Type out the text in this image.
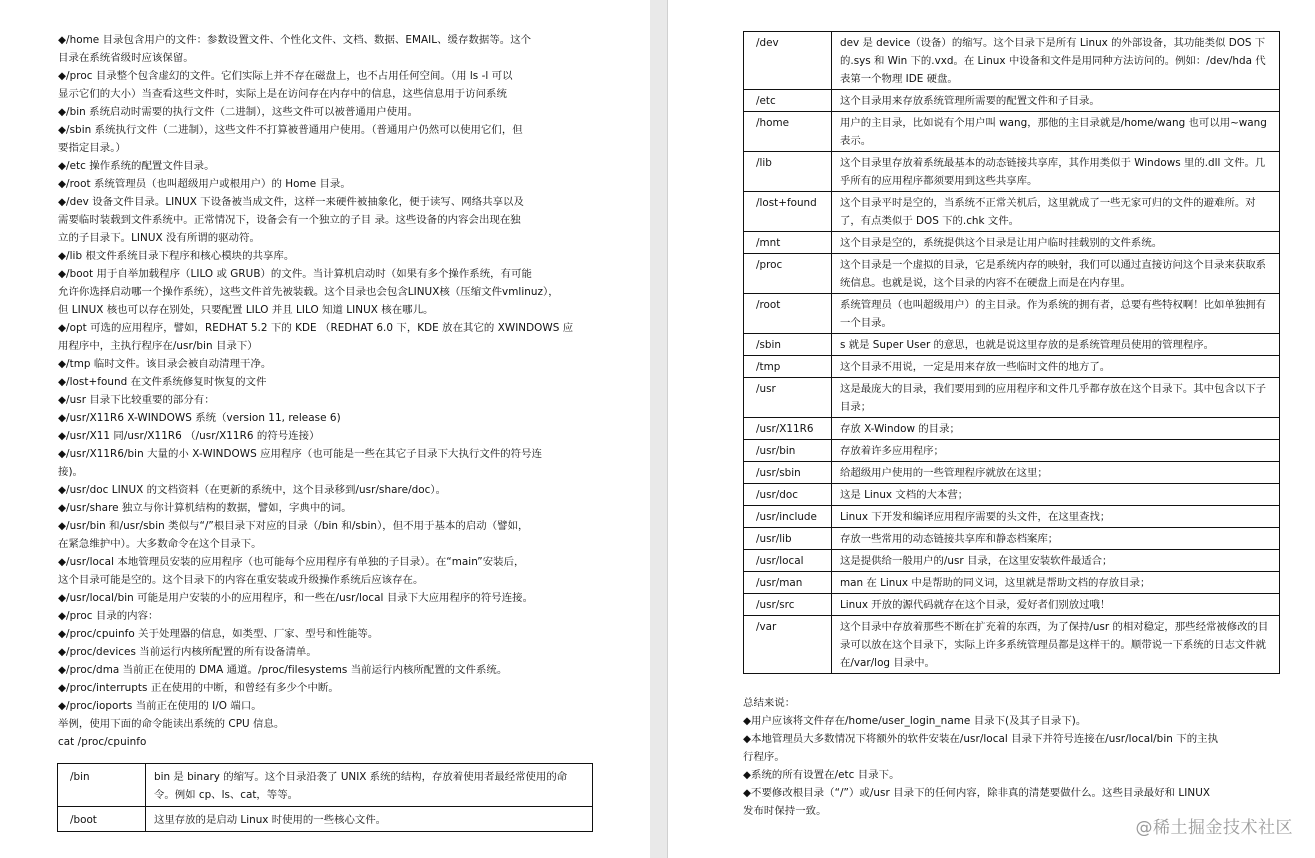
◆/home 目录包含用户的文件：参数设置文件、个性化文件、文档、数据、EMAIL、缓存数据等。这个
目录在系统省级时应该保留。
◆/proc 目录整个包含虚幻的文件。它们实际上并不存在磁盘上，也不占用任何空间。（用 ls -l 可以
显示它们的大小）当查看这些文件时，实际上是在访问存在内存中的信息，这些信息用于访问系统
◆/bin 系统启动时需要的执行文件（二进制），这些文件可以被普通用户使用。
◆/sbin 系统执行文件（二进制），这些文件不打算被普通用户使用。（普通用户仍然可以使用它们，但
要指定目录。）
◆/etc 操作系统的配置文件目录。
◆/root 系统管理员（也叫超级用户或根用户）的 Home 目录。
◆/dev 设备文件目录。LINUX 下设备被当成文件，这样一来硬件被抽象化，便于读写、网络共享以及
需要临时装载到文件系统中。正常情况下，设备会有一个独立的子目 录。这些设备的内容会出现在独
立的子目录下。LINUX 没有所谓的驱动符。
◆/lib 根文件系统目录下程序和核心模块的共享库。
◆/boot 用于自举加载程序（LILO 或 GRUB）的文件。当计算机启动时（如果有多个操作系统，有可能
允许你选择启动哪一个操作系统），这些文件首先被装载。这个目录也会包含LINUX核（压缩文件vmlinuz），
但 LINUX 核也可以存在别处，只要配置 LILO 并且 LILO 知道 LINUX 核在哪儿。
◆/opt 可选的应用程序，譬如，REDHAT 5.2 下的 KDE （REDHAT 6.0 下，KDE 放在其它的 XWINDOWS 应
用程序中，主执行程序在/usr/bin 目录下）
◆/tmp 临时文件。该目录会被自动清理干净。
◆/lost+found 在文件系统修复时恢复的文件
◆/usr 目录下比较重要的部分有：
◆/usr/X11R6 X-WINDOWS 系统（version 11, release 6)
◆/usr/X11 同/usr/X11R6 （/usr/X11R6 的符号连接）
◆/usr/X11R6/bin 大量的小 X-WINDOWS 应用程序（也可能是一些在其它子目录下大执行文件的符号连
接)。
◆/usr/doc LINUX 的文档资料（在更新的系统中，这个目录移到/usr/share/doc）。
◆/usr/share 独立与你计算机结构的数据，譬如，字典中的词。
◆/usr/bin 和/usr/sbin 类似与“/”根目录下对应的目录（/bin 和/sbin），但不用于基本的启动（譬如，
在紧急维护中）。大多数命令在这个目录下。
◆/usr/local 本地管理员安装的应用程序（也可能每个应用程序有单独的子目录）。在“main”安装后，
这个目录可能是空的。这个目录下的内容在重安装或升级操作系统后应该存在。
◆/usr/local/bin 可能是用户安装的小的应用程序，和一些在/usr/local 目录下大应用程序的符号连接。
◆/proc 目录的内容：
◆/proc/cpuinfo 关于处理器的信息，如类型、厂家、型号和性能等。
◆/proc/devices 当前运行内核所配置的所有设备清单。
◆/proc/dma 当前正在使用的 DMA 通道。/proc/filesystems 当前运行内核所配置的文件系统。
◆/proc/interrupts 正在使用的中断，和曾经有多少个中断。
◆/proc/ioports 当前正在使用的 I/O 端口。
举例，使用下面的命令能读出系统的 CPU 信息。
cat /proc/cpuinfo
/bin	bin 是 binary 的缩写。这个目录沿袭了 UNIX 系统的结构，存放着使用者最经常使用的命令。例如 cp、ls、cat，等等。
/boot	这里存放的是启动 Linux 时使用的一些核心文件。
/dev	dev 是 device（设备）的缩写。这个目录下是所有 Linux 的外部设备，其功能类似 DOS 下的.sys 和 Win 下的.vxd。在 Linux 中设备和文件是用同种方法访问的。例如：/dev/hda 代表第一个物理 IDE 硬盘。
/etc	这个目录用来存放系统管理所需要的配置文件和子目录。
/home	用户的主目录，比如说有个用户叫 wang，那他的主目录就是/home/wang 也可以用~wang 表示。
/lib	这个目录里存放着系统最基本的动态链接共享库，其作用类似于 Windows 里的.dll 文件。几乎所有的应用程序都须要用到这些共享库。
/lost+found	这个目录平时是空的，当系统不正常关机后，这里就成了一些无家可归的文件的避难所。对了，有点类似于 DOS 下的.chk 文件。
/mnt	这个目录是空的，系统提供这个目录是让用户临时挂载别的文件系统。
/proc	这个目录是一个虚拟的目录，它是系统内存的映射，我们可以通过直接访问这个目录来获取系统信息。也就是说，这个目录的内容不在硬盘上而是在内存里。
/root	系统管理员（也叫超级用户）的主目录。作为系统的拥有者，总要有些特权啊！比如单独拥有一个目录。
/sbin	s 就是 Super User 的意思，也就是说这里存放的是系统管理员使用的管理程序。
/tmp	这个目录不用说，一定是用来存放一些临时文件的地方了。
/usr	这是最庞大的目录，我们要用到的应用程序和文件几乎都存放在这个目录下。其中包含以下子目录；
/usr/X11R6	存放 X-Window 的目录；
/usr/bin	存放着许多应用程序；
/usr/sbin	给超级用户使用的一些管理程序就放在这里；
/usr/doc	这是 Linux 文档的大本营；
/usr/include	Linux 下开发和编译应用程序需要的头文件，在这里查找；
/usr/lib	存放一些常用的动态链接共享库和静态档案库；
/usr/local	这是提供给一般用户的/usr 目录，在这里安装软件最适合；
/usr/man	man 在 Linux 中是帮助的同义词，这里就是帮助文档的存放目录；
/usr/src	Linux 开放的源代码就存在这个目录，爱好者们别放过哦！
/var	这个目录中存放着那些不断在扩充着的东西，为了保持/usr 的相对稳定，那些经常被修改的目录可以放在这个目录下，实际上许多系统管理员都是这样干的。顺带说一下系统的日志文件就在/var/log 目录中。
总结来说：
◆用户应该将文件存在/home/user_login_name 目录下(及其子目录下)。
◆本地管理员大多数情况下将额外的软件安装在/usr/local 目录下并符号连接在/usr/local/bin 下的主执
行程序。
◆系统的所有设置在/etc 目录下。
◆不要修改根目录（“/”）或/usr 目录下的任何内容，除非真的清楚要做什么。这些目录最好和 LINUX
发布时保持一致。
@稀土掘金技术社区
